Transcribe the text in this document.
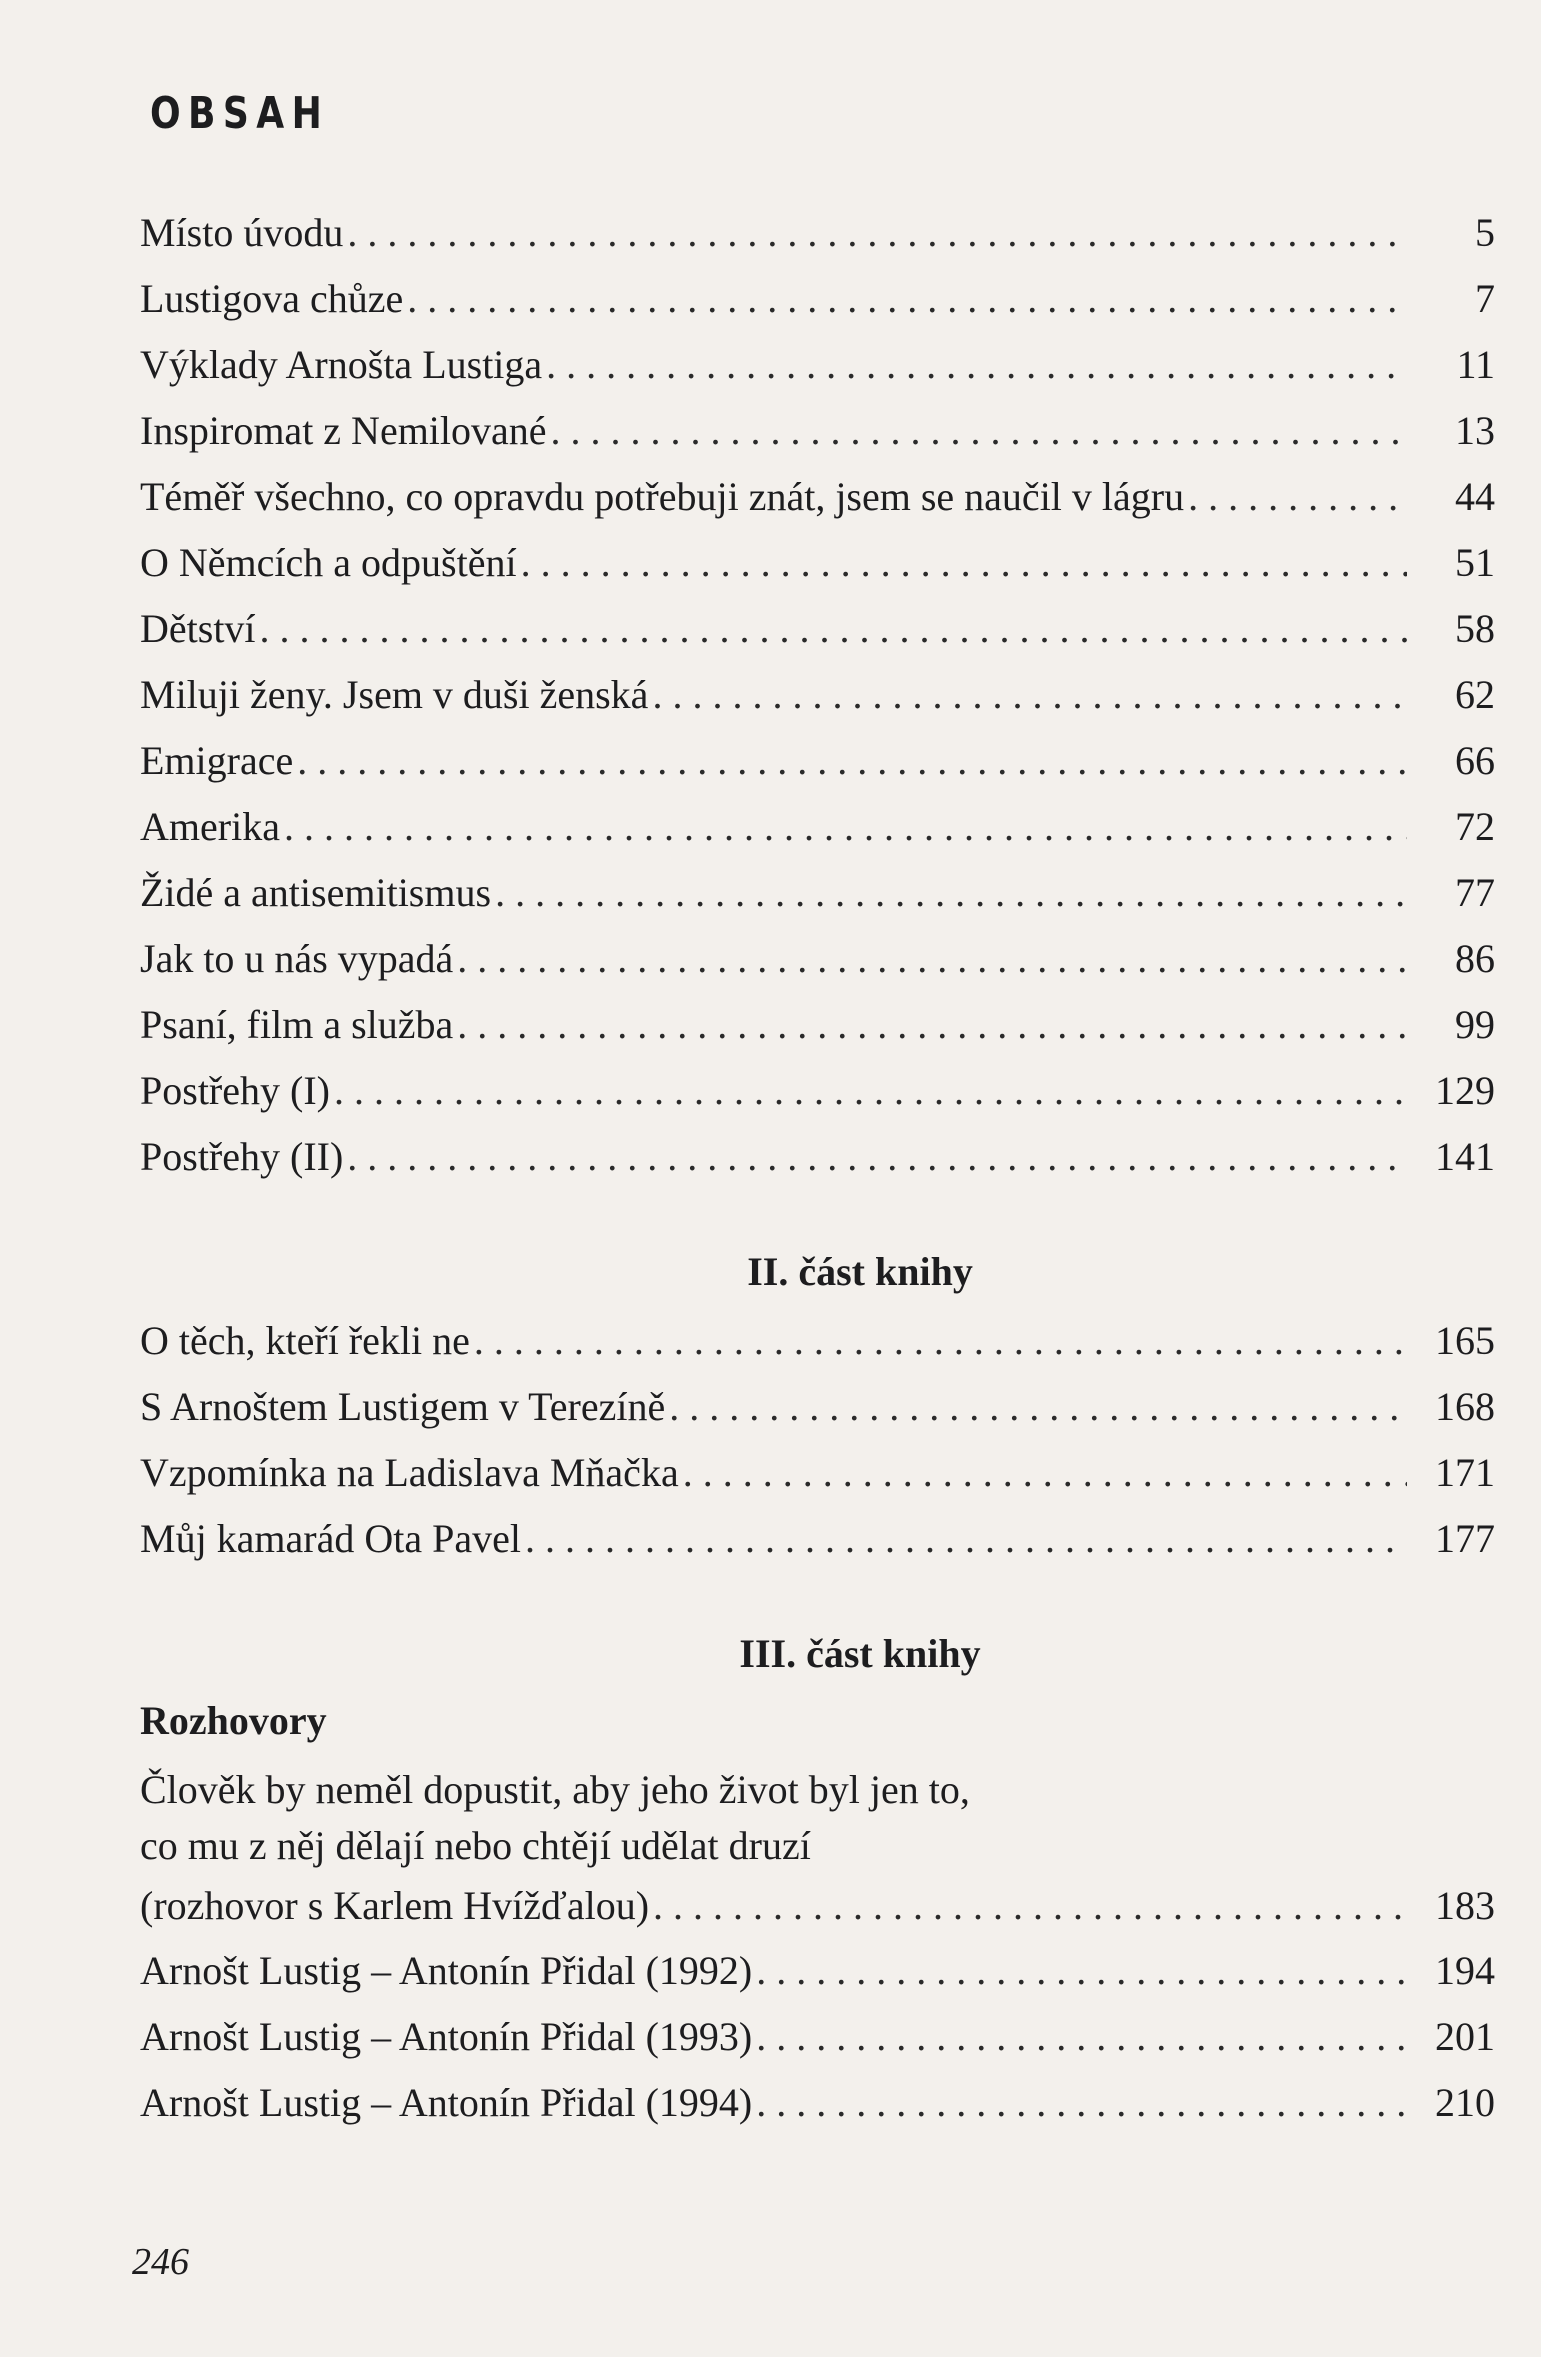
OBSAH
Místo úvodu . . .	5
Lustigova chůze . . .	7
Výklady Arnošta Lustiga . . .	11
Inspiromat z Nemilované . . .	13
Téměř všechno, co opravdu potřebuji znát, jsem se naučil v lágru . . .	44
O Němcích a odpuštění . . .	51
Dětství . . .	58
Miluji ženy. Jsem v duši ženská . . .	62
Emigrace . . .	66
Amerika . . .	72
Židé a antisemitismus . . .	77
Jak to u nás vypadá . . .	86
Psaní, film a služba . . .	99
Postřehy (I) . . .	129
Postřehy (II) . . .	141
II. část knihy
O těch, kteří řekli ne . . .	165
S Arnoštem Lustigem v Terezíně . . .	168
Vzpomínka na Ladislava Mňačka . . .	171
Můj kamarád Ota Pavel . . .	177
III. část knihy
Rozhovory
Člověk by neměl dopustit, aby jeho život byl jen to,
co mu z něj dělají nebo chtějí udělat druzí
(rozhovor s Karlem Hvížďalou) . . .	183
Arnošt Lustig – Antonín Přidal (1992) . . .	194
Arnošt Lustig – Antonín Přidal (1993) . . .	201
Arnošt Lustig – Antonín Přidal (1994) . . .	210
246
